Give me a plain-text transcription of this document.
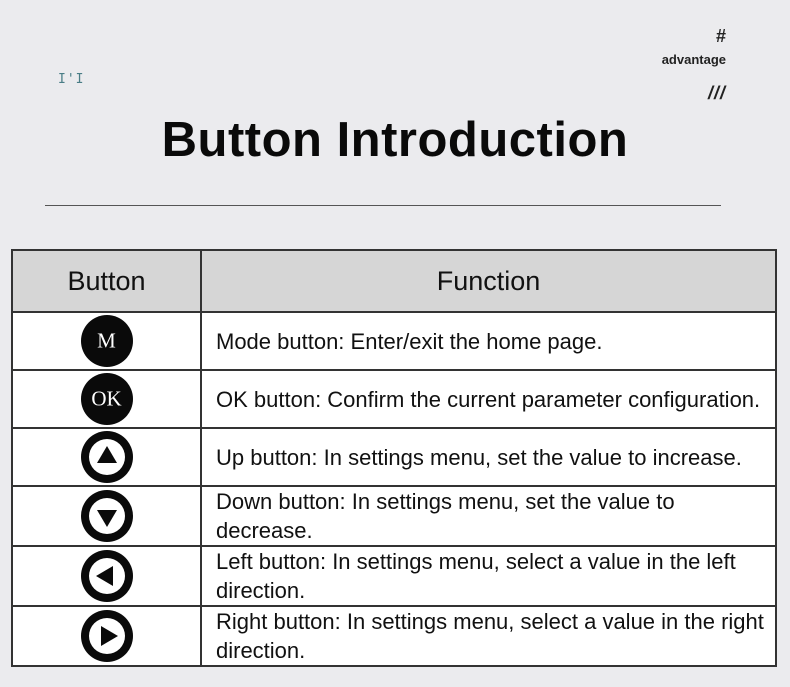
I'I
#
advantage
///
Button Introduction
Button	Function

M	Mode button: Enter/exit the home page.

OK	OK button: Confirm the current parameter configuration.

	Up button: In settings menu, set the value to increase.

	Down button: In settings menu, set the value to decrease.

	Left button: In settings menu, select a value in the left direction.

	Right button: In settings menu, select a value in the right direction.
